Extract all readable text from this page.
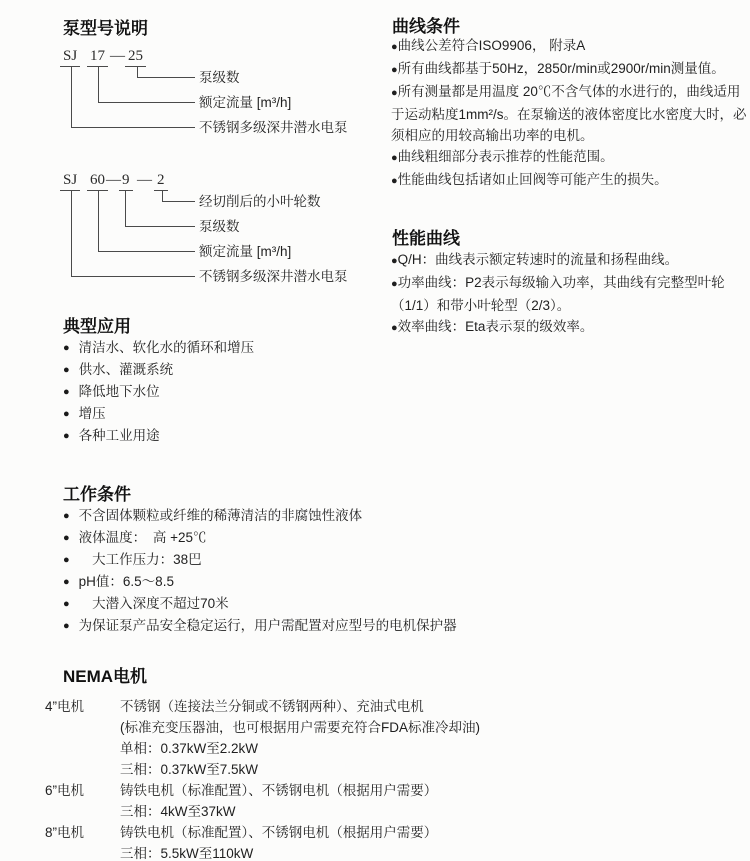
泵型号说明
SJ 17 — 25
泵级数
额定流量 [m³/h]
不锈钢多级深井潜水电泵
SJ 60 — 9 — 2
经切削后的小叶轮数
泵级数
额定流量 [m³/h]
不锈钢多级深井潜水电泵
典型应用
● 清洁水、软化水的循环和增压
● 供水、灌溉系统
● 降低地下水位
● 增压
● 各种工业用途
工作条件
● 不含固体颗粒或纤维的稀薄清洁的非腐蚀性液体
● 液体温度：　高 +25℃
● 　大工作压力：38巴
● pH值：6.5～8.5
● 　大潜入深度不超过70米
● 为保证泵产品安全稳定运行，用户需配置对应型号的电机保护器
NEMA电机
4”电机	不锈钢（连接法兰分铜或不锈钢两种）、充油式电机
(标准充变压器油，也可根据用户需要充符合FDA标准冷却油)
单相：0.37kW至2.2kW
三相：0.37kW至7.5kW
6”电机	铸铁电机（标准配置）、不锈钢电机（根据用户需要）
三相：4kW至37kW
8”电机	铸铁电机（标准配置）、不锈钢电机（根据用户需要）
三相：5.5kW至110kW
曲线条件

●曲线公差符合ISO9906， 附录A

●所有曲线都基于50Hz，2850r/min或2900r/min测量值。

●所有测量都是用温度 20℃不含气体的水进行的，曲线适用于运动粘度1mm²/s。在泵输送的液体密度比水密度大时，必须相应的用较高输出功率的电机。

●曲线粗细部分表示推荐的性能范围。

●性能曲线包括诸如止回阀等可能产生的损失。

性能曲线

●Q/H：曲线表示额定转速时的流量和扬程曲线。

●功率曲线：P2表示每级输入功率，其曲线有完整型叶轮（1/1）和带小叶轮型（2/3）。

●效率曲线：Eta表示泵的级效率。
